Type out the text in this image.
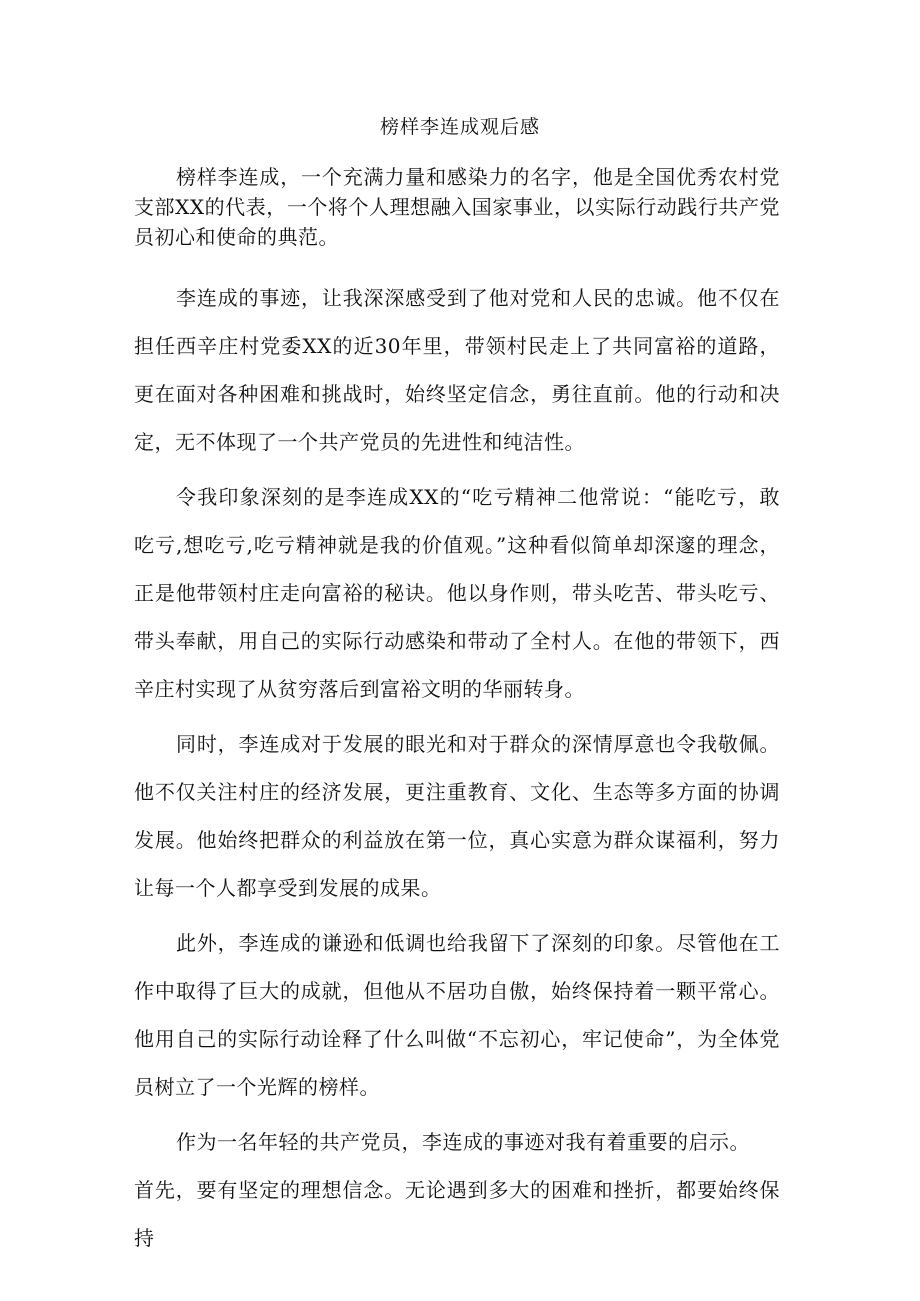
榜样李连成观后感

榜样李连成，一个充满力量和感染力的名字，他是全国优秀农村党支部XX的代表，一个将个人理想融入国家事业，以实际行动践行共产党员初心和使命的典范。

李连成的事迹，让我深深感受到了他对党和人民的忠诚。他不仅在担任西辛庄村党委XX的近30年里，带领村民走上了共同富裕的道路，更在面对各种困难和挑战时，始终坚定信念，勇往直前。他的行动和决定，无不体现了一个共产党员的先进性和纯洁性。

令我印象深刻的是李连成XX的“吃亏精神二他常说：“能吃亏，敢吃亏,想吃亏,吃亏精神就是我的价值观。”这种看似简单却深邃的理念，正是他带领村庄走向富裕的秘诀。他以身作则，带头吃苦、带头吃亏、带头奉献，用自己的实际行动感染和带动了全村人。在他的带领下，西辛庄村实现了从贫穷落后到富裕文明的华丽转身。

同时，李连成对于发展的眼光和对于群众的深情厚意也令我敬佩。他不仅关注村庄的经济发展，更注重教育、文化、生态等多方面的协调发展。他始终把群众的利益放在第一位，真心实意为群众谋福利，努力让每一个人都享受到发展的成果。

此外，李连成的谦逊和低调也给我留下了深刻的印象。尽管他在工作中取得了巨大的成就，但他从不居功自傲，始终保持着一颗平常心。他用自己的实际行动诠释了什么叫做“不忘初心，牢记使命”，为全体党员树立了一个光辉的榜样。

作为一名年轻的共产党员，李连成的事迹对我有着重要的启示。

首先，要有坚定的理想信念。无论遇到多大的困难和挫折，都要始终保持
